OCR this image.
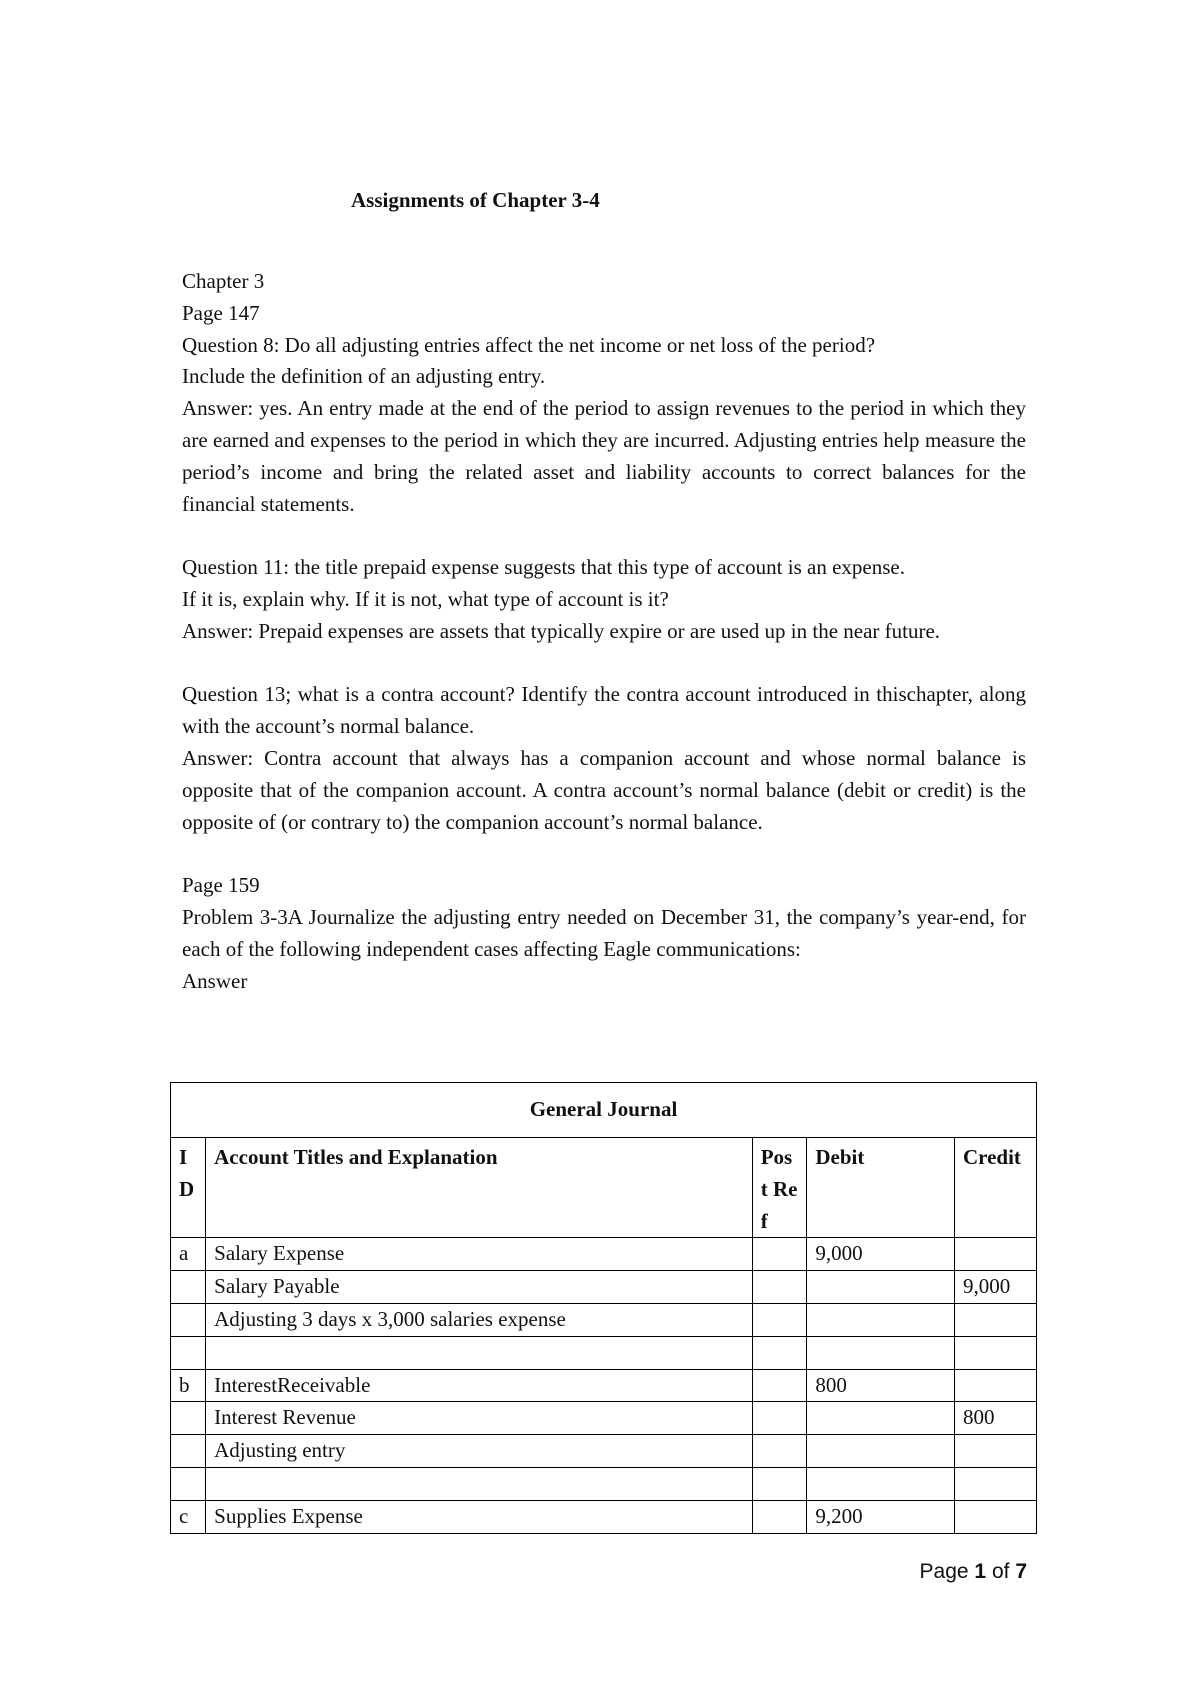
Assignments of Chapter 3-4

Chapter 3

Page 147

Question 8: Do all adjusting entries affect the net income or net loss of the period?

Include the definition of an adjusting entry.

Answer: yes. An entry made at the end of the period to assign revenues to the period in which they are earned and expenses to the period in which they are incurred. Adjusting entries help measure the period’s income and bring the related asset and liability accounts to correct balances for the financial statements.

Question 11: the title prepaid expense suggests that this type of account is an expense.

If it is, explain why. If it is not, what type of account is it?

Answer: Prepaid expenses are assets that typically expire or are used up in the near future.

Question 13; what is a contra account? Identify the contra account introduced in thischapter, along with the account’s normal balance.

Answer: Contra account that always has a companion account and whose normal balance is opposite that of the companion account. A contra account’s normal balance (debit or credit) is the opposite of (or contrary to) the companion account’s normal balance.

Page 159

Problem 3-3A Journalize the adjusting entry needed on December 31, the company’s year-end, for each of the following independent cases affecting Eagle communications:

Answer

General Journal				
ID	Account Titles and Explanation	Post Ref	Debit	Credit
a	Salary Expense		9,000	
	Salary Payable			9,000
	Adjusting 3 days x 3,000 salaries expense			

b	InterestReceivable		800	
	Interest Revenue			800
	Adjusting entry			

c	Supplies Expense		9,200	
Page 1 of 7
